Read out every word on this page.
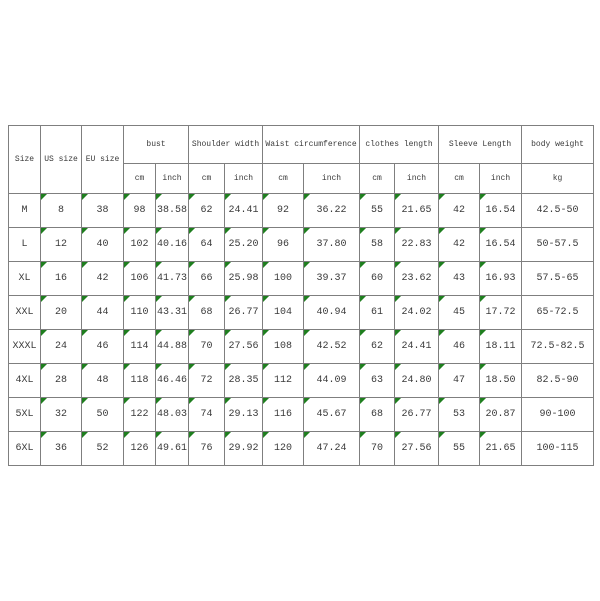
Size	US size	EU size	bust		Shoulder width		Waist circumference		clothes length		Sleeve Length		body weight
			cm	inch	cm	inch	cm	inch	cm	inch	cm	inch	kg
M	8	38	98	38.58	62	24.41	92	36.22	55	21.65	42	16.54	42.5-50
L	12	40	102	40.16	64	25.20	96	37.80	58	22.83	42	16.54	50-57.5
XL	16	42	106	41.73	66	25.98	100	39.37	60	23.62	43	16.93	57.5-65
XXL	20	44	110	43.31	68	26.77	104	40.94	61	24.02	45	17.72	65-72.5
XXXL	24	46	114	44.88	70	27.56	108	42.52	62	24.41	46	18.11	72.5-82.5
4XL	28	48	118	46.46	72	28.35	112	44.09	63	24.80	47	18.50	82.5-90
5XL	32	50	122	48.03	74	29.13	116	45.67	68	26.77	53	20.87	90-100
6XL	36	52	126	49.61	76	29.92	120	47.24	70	27.56	55	21.65	100-115
